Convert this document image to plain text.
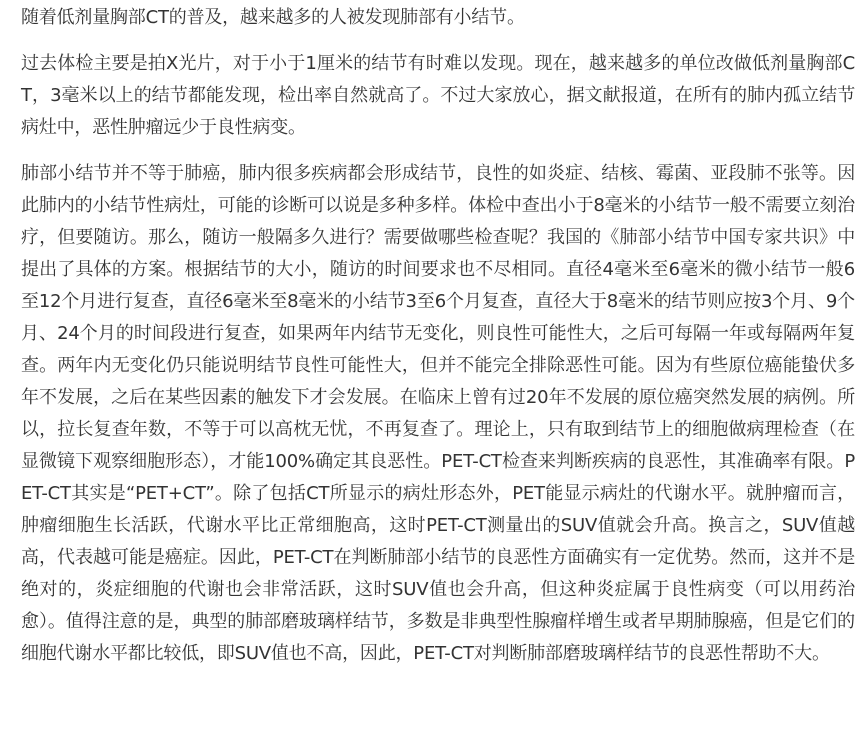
随着低剂量胸部CT的普及，越来越多的人被发现肺部有小结节。

过去体检主要是拍X光片，对于小于1厘米的结节有时难以发现。现在，越来越多的单位改做低剂量胸部CT，3毫米以上的结节都能发现，检出率自然就高了。不过大家放心，据文献报道，在所有的肺内孤立结节病灶中，恶性肿瘤远少于良性病变。

肺部小结节并不等于肺癌，肺内很多疾病都会形成结节，良性的如炎症、结核、霉菌、亚段肺不张等。因此肺内的小结节性病灶，可能的诊断可以说是多种多样。体检中查出小于8毫米的小结节一般不需要立刻治疗，但要随访。那么，随访一般隔多久进行？需要做哪些检查呢？我国的《肺部小结节中国专家共识》中提出了具体的方案。根据结节的大小，随访的时间要求也不尽相同。直径4毫米至6毫米的微小结节一般6至12个月进行复查，直径6毫米至8毫米的小结节3至6个月复查，直径大于8毫米的结节则应按3个月、9个月、24个月的时间段进行复查，如果两年内结节无变化，则良性可能性大，之后可每隔一年或每隔两年复查。两年内无变化仍只能说明结节良性可能性大，但并不能完全排除恶性可能。因为有些原位癌能蛰伏多年不发展，之后在某些因素的触发下才会发展。在临床上曾有过20年不发展的原位癌突然发展的病例。所以，拉长复查年数，不等于可以高枕无忧，不再复查了。理论上，只有取到结节上的细胞做病理检查（在显微镜下观察细胞形态），才能100%确定其良恶性。PET-CT检查来判断疾病的良恶性，其准确率有限。PET-CT其实是“PET+CT”。除了包括CT所显示的病灶形态外，PET能显示病灶的代谢水平。就肿瘤而言，肿瘤细胞生长活跃，代谢水平比正常细胞高，这时PET-CT测量出的SUV值就会升高。换言之，SUV值越高，代表越可能是癌症。因此，PET-CT在判断肺部小结节的良恶性方面确实有一定优势。然而，这并不是绝对的，炎症细胞的代谢也会非常活跃，这时SUV值也会升高，但这种炎症属于良性病变（可以用药治愈）。值得注意的是，典型的肺部磨玻璃样结节，多数是非典型性腺瘤样增生或者早期肺腺癌，但是它们的细胞代谢水平都比较低，即SUV值也不高，因此，PET-CT对判断肺部磨玻璃样结节的良恶性帮助不大。
